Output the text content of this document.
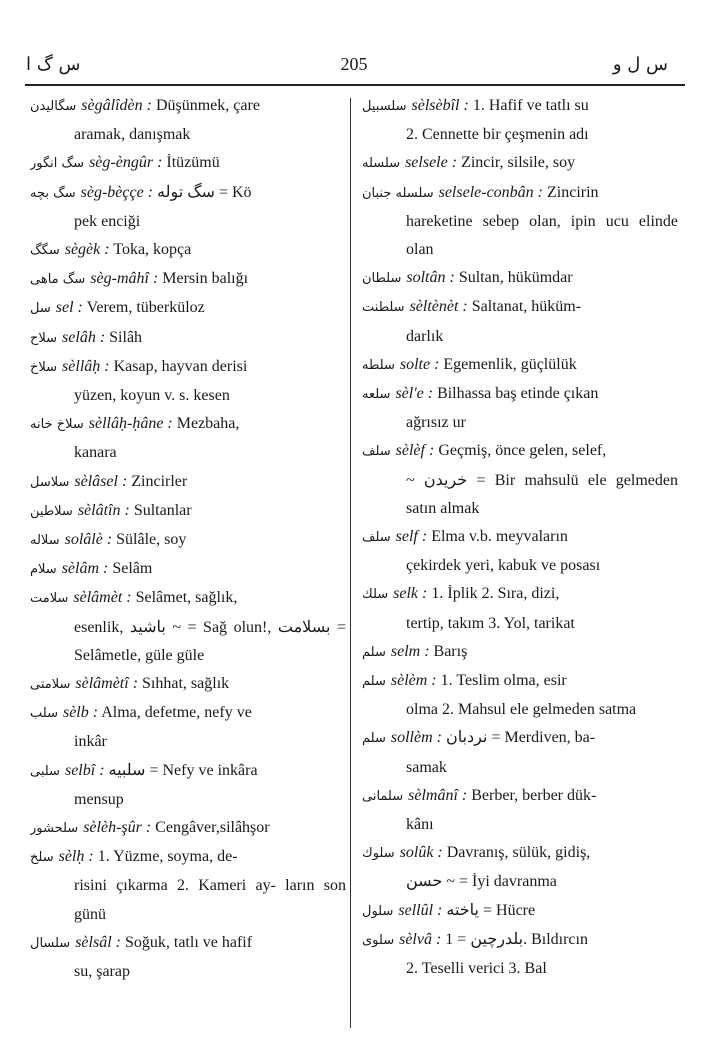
س گ ا	205	س ل و
سگالیدن sègâlîdèn : Düşünmek, çare
aramak, danışmak
سگ انگور sèg-èngûr : İtüzümü
سگ بچه sèg-bèççe : سگ توله = Kö
pek enciği
سگگ sègèk : Toka, kopça
سگ ماهی sèg-mâhî : Mersin balığı
سل sel : Verem, tüberküloz
سلاح selâh : Silâh
سلاخ sèllâḥ : Kasap, hayvan derisi
yüzen, koyun v. s. kesen
سلاخ خانه sèllâḥ-ḥâne : Mezbaha,
kanara
سلاسل sèlâsel : Zincirler
سلاطين sèlâtîn : Sultanlar
سلاله solâlè : Sülâle, soy
سلام sèlâm : Selâm
سلامت sèlâmèt : Selâmet, sağlık,
esenlik, باشيد ~ = Sağ olun!, بسلامت = Selâmetle, güle güle
سلامتى sèlâmètî : Sıhhat, sağlık
سلب sèlb : Alma, defetme, nefy ve
inkâr
سلبى selbî : سلبيه = Nefy ve inkâra
mensup
سلحشور sèlèh-şûr : Cengâver,silâhşor
سلخ sèlḥ : 1. Yüzme, soyma, de-
risini çıkarma 2. Kameri ay- ların son günü
سلسال sèlsâl : Soğuk, tatlı ve hafif
su, şarap
سلسبيل sèlsèbîl : 1. Hafif ve tatlı su
2. Cennette bir çeşmenin adı
سلسله selsele : Zincir, silsile, soy
سلسله جنبان selsele-conbân : Zincirin
hareketine sebep olan, ipin ucu elinde olan
سلطان soltân : Sultan, hükümdar
سلطنت sèltènèt : Saltanat, hüküm-
darlık
سلطه solte : Egemenlik, güçlülük
سلعه sèl'e : Bilhassa baş etinde çıkan
ağrısız ur
سلف sèlèf : Geçmiş, önce gelen, selef,
~ خريدن = Bir mahsulü ele gelmeden satın almak
سلف self : Elma v.b. meyvaların
çekirdek yeri, kabuk ve posası
سلك selk : 1. İplik 2. Sıra, dizi,
tertip, takım 3. Yol, tarikat
سلم selm : Barış
سلم sèlèm : 1. Teslim olma, esir
olma 2. Mahsul ele gelmeden satma
سلم sollèm : نردبان = Merdiven, ba-
samak
سلمانى sèlmânî : Berber, berber dük-
kânı
سلوك solûk : Davranış, sülük, gidiş,
حسن ~ = İyi davranma
سلول sellûl : ياخته = Hücre
سلوى sèlvâ : بلدرچين = 1. Bıldırcın
2. Teselli verici 3. Bal
